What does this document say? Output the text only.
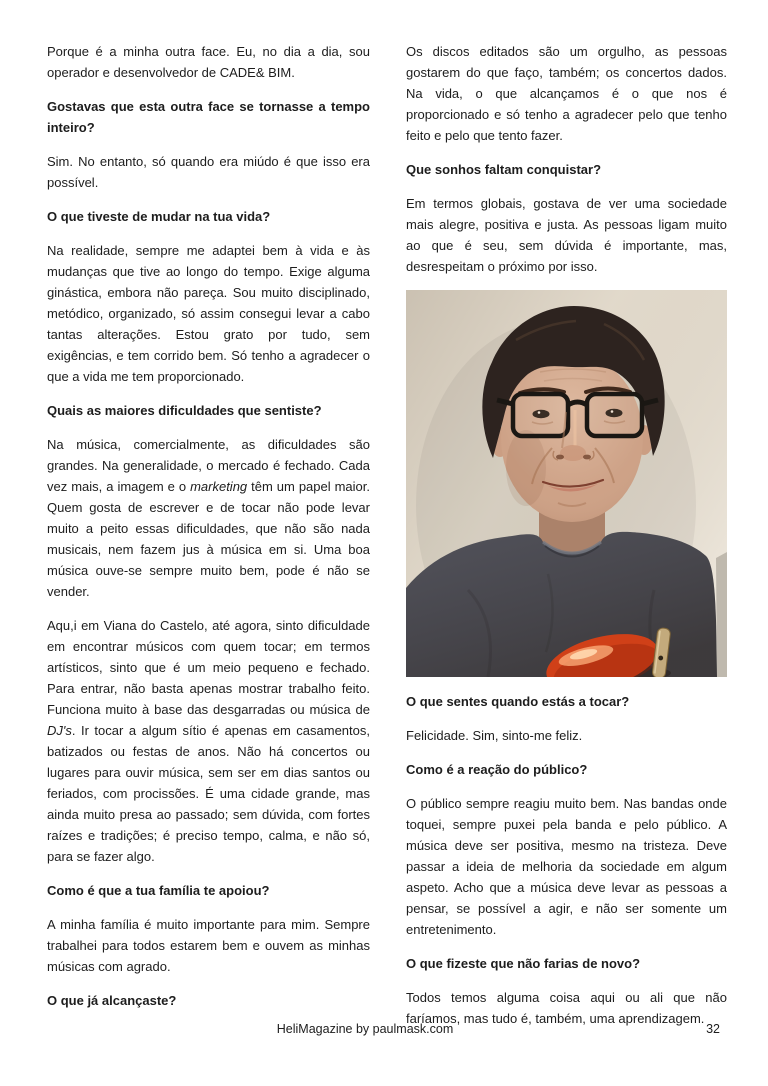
Porque é a minha outra face. Eu, no dia a dia, sou operador e desenvolvedor de CADE& BIM.

Gostavas que esta outra face se tornasse a tempo inteiro?

Sim. No entanto, só quando era miúdo é que isso era possível.

O que tiveste de mudar na tua vida?

Na realidade, sempre me adaptei bem à vida e às mudanças que tive ao longo do tempo. Exige alguma ginástica, embora não pareça. Sou muito disciplinado, metódico, organizado, só assim consegui levar a cabo tantas alterações. Estou grato por tudo, sem exigências, e tem corrido bem. Só tenho a agradecer o que a vida me tem proporcionado.

Quais as maiores dificuldades que sentiste?

Na música, comercialmente, as dificuldades são grandes. Na generalidade, o mercado é fechado. Cada vez mais, a imagem e o marketing têm um papel maior. Quem gosta de escrever e de tocar não pode levar muito a peito essas dificuldades, que não são nada musicais, nem fazem jus à música em si. Uma boa música ouve-se sempre muito bem, pode é não se vender.

Aqu,i em Viana do Castelo, até agora, sinto dificuldade em encontrar músicos com quem tocar; em termos artísticos, sinto que é um meio pequeno e fechado. Para entrar, não basta apenas mostrar trabalho feito. Funciona muito à base das desgarradas ou música de DJ's. Ir tocar a algum sítio é apenas em casamentos, batizados ou festas de anos. Não há concertos ou lugares para ouvir música, sem ser em dias santos ou feriados, com procissões. É uma cidade grande, mas ainda muito presa ao passado; sem dúvida, com fortes raízes e tradições; é preciso tempo, calma, e não só, para se fazer algo.

Como é que a tua família te apoiou?

A minha família é muito importante para mim. Sempre trabalhei para todos estarem bem e ouvem as minhas músicas com agrado.

O que já alcançaste?

Os discos editados são um orgulho, as pessoas gostarem do que faço, também; os concertos dados. Na vida, o que alcançamos é o que nos é proporcionado e só tenho a agradecer pelo que tenho feito e pelo que tento fazer.

Que sonhos faltam conquistar?

Em termos globais, gostava de ver uma sociedade mais alegre, positiva e justa. As pessoas ligam muito ao que é seu, sem dúvida é importante, mas, desrespeitam o próximo por isso.

O que sentes quando estás a tocar?

Felicidade. Sim, sinto-me feliz.

Como é a reação do público?

O público sempre reagiu muito bem. Nas bandas onde toquei, sempre puxei pela banda e pelo público. A música deve ser positiva, mesmo na tristeza. Deve passar a ideia de melhoria da sociedade em algum aspeto. Acho que a música deve levar as pessoas a pensar, se possível a agir, e não ser somente um entretenimento.

O que fizeste que não farias de novo?

Todos temos alguma coisa aqui ou ali que não faríamos, mas tudo é, também, uma aprendizagem.

HeliMagazine by paulmask.com	32
